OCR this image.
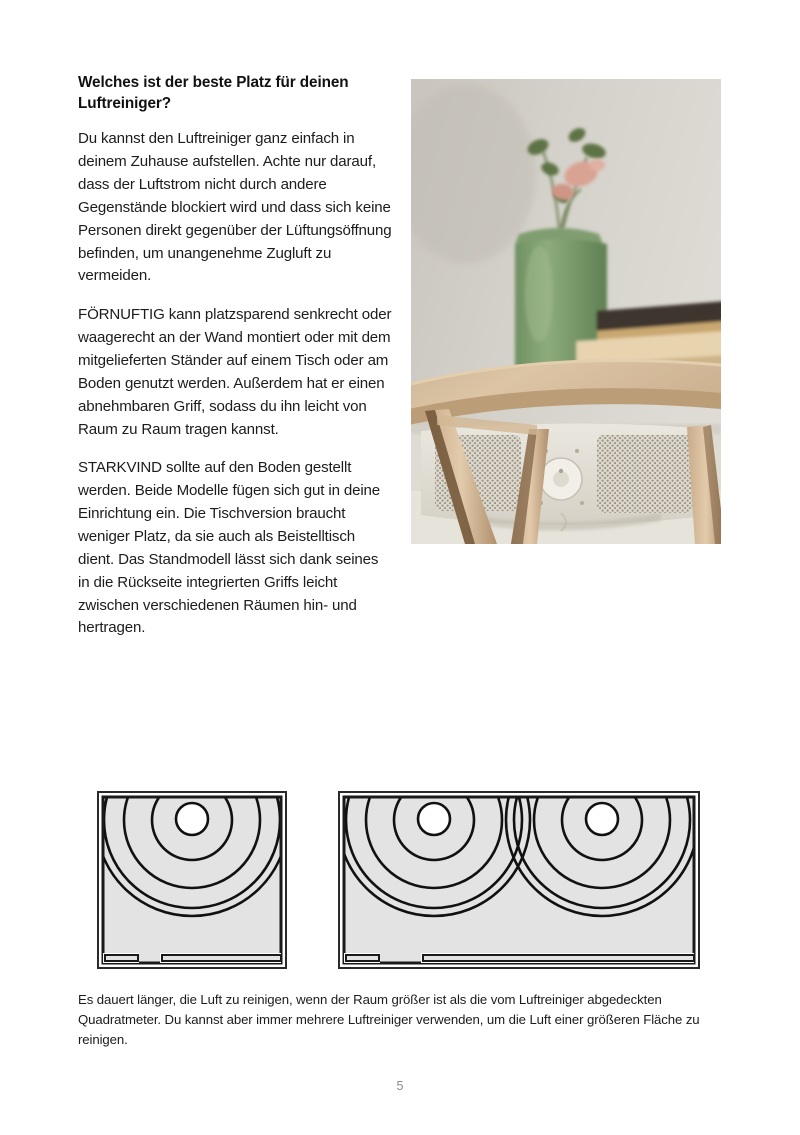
Welches ist der beste Platz für deinen Luftreiniger?

Du kannst den Luftreiniger ganz einfach in deinem Zuhause aufstellen. Achte nur darauf, dass der Luftstrom nicht durch andere Gegenstände blockiert wird und dass sich keine Personen direkt gegenüber der Lüftungsöffnung befinden, um unangenehme Zugluft zu vermeiden.

FÖRNUFTIG kann platzsparend senkrecht oder waagerecht an der Wand montiert oder mit dem mitgelieferten Ständer auf einem Tisch oder am Boden genutzt werden. Außerdem hat er einen abnehmbaren Griff, sodass du ihn leicht von Raum zu Raum tragen kannst.

STARKVIND sollte auf den Boden gestellt werden. Beide Modelle fügen sich gut in deine Einrichtung ein. Die Tischversion braucht weniger Platz, da sie auch als Beistelltisch dient. Das Standmodell lässt sich dank seines in die Rückseite integrierten Griffs leicht zwischen verschiedenen Räumen hin- und hertragen.

Es dauert länger, die Luft zu reinigen, wenn der Raum größer ist als die vom Luftreiniger abgedeckten Quadratmeter. Du kannst aber immer mehrere Luftreiniger verwenden, um die Luft einer größeren Fläche zu reinigen.
5
